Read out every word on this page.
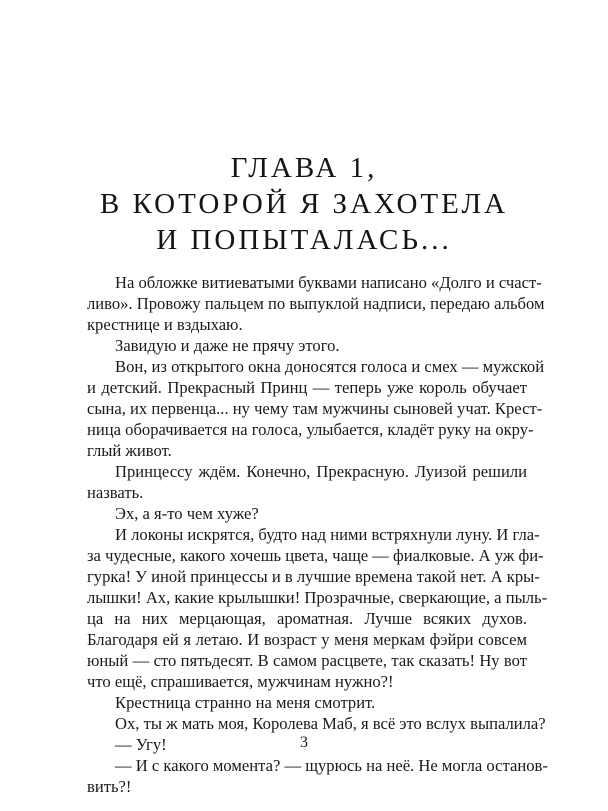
ГЛАВА 1,
В КОТОРОЙ Я ЗАХОТЕЛА
И ПОПЫТАЛАСЬ...
На обложке витиеватыми буквами написано «Долго и счаст-
ливо». Провожу пальцем по выпуклой надписи, передаю альбом
крестнице и вздыхаю.
Завидую и даже не прячу этого.
Вон, из открытого окна доносятся голоса и смех — мужской
и детский. Прекрасный Принц — теперь уже король обучает
сына, их первенца... ну чему там мужчины сыновей учат. Крест-
ница оборачивается на голоса, улыбается, кладёт руку на окру-
глый живот.
Принцессу ждём. Конечно, Прекрасную. Луизой решили
назвать.
Эх, а я-то чем хуже?
И локоны искрятся, будто над ними встряхнули луну. И гла-
за чудесные, какого хочешь цвета, чаще — фиалковые. А уж фи-
гурка! У иной принцессы и в лучшие времена такой нет. А кры-
лышки! Ах, какие крылышки! Прозрачные, сверкающие, а пыль-
ца на них мерцающая, ароматная. Лучше всяких духов.
Благодаря ей я летаю. И возраст у меня меркам фэйри совсем
юный — сто пятьдесят. В самом расцвете, так сказать! Ну вот
что ещё, спрашивается, мужчинам нужно?!
Крестница странно на меня смотрит.
Ох, ты ж мать моя, Королева Маб, я всё это вслух выпалила?
— Угу!
— И с какого момента? — щурюсь на неё. Не могла останов-
вить?!
3
